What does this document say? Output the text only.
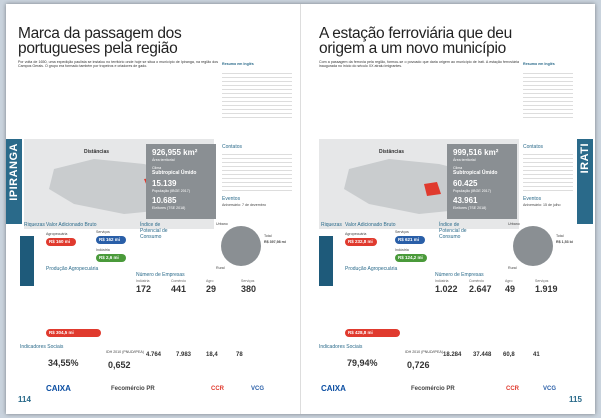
Marca da passagem dos
portugueses pela região
Por volta de 1650, uma expedição paulista se instalou no território onde hoje se situa o município de Ipiranga, na região dos Campos Gerais. O grupo era formado também por tropeiros e criadores de gado.
Resumo em Inglês
IPIRANGA	Distâncias	926,955 km²
Área territorial
Clima
Subtropical Úmido
15.139
População (IBGE 2017)
10.685
Eleitores (TSE 2018)
Contatos
Eventos
Aniversário: 7 de dezembro
Riquezas Valor Adicionado Bruto
Agropecuária
R$ 160 mi
Serviços
R$ 162 mi
Indústria
R$ 2,6 mi
Índice de Potencial de Consumo	Total
R$ 397,98 mi
Urbano
Rural
Número de Empresas
172 441 29	380
Indústria	Comércio	Agro	Serviços
Produção Agropecuária
R$ 304,5 mi
Indicadores Sociais
34,55%
IDH 2010 (PNUD/IPEA)
0,652
4.764 7.983 18,4	78
114
CAIXA	Fecomércio PR	CCR	VCG
A estação ferroviária que deu
origem a um novo município
Com a passagem da ferrovia pela região, formou-se o povoado que daria origem ao município de Irati. A estação ferroviária inaugurada no início do século XX atraiu imigrantes.
Resumo em Inglês
IRATI
Distâncias	999,516 km²
Área territorial
Clima
Subtropical Úmido
60.425
População (IBGE 2017)
43.961
Eleitores (TSE 2018)
Contatos
Eventos
Aniversário: 15 de julho
Riquezas Valor Adicionado Bruto
Agropecuária
R$ 232,8 mi
Serviços
R$ 621 mi
Indústria
R$ 124,2 mi
Índice de Potencial de Consumo	Total
R$ 1,53 bi
Urbano
Rural
Número de Empresas
1.022 2.647 49 1.919
Indústria	Comércio	Agro	Serviços
Produção Agropecuária
R$ 428,8 mi
Indicadores Sociais
79,94%
IDH 2010 (PNUD/IPEA)
0,726
18.284 37.448 60,8	41
115
CAIXA	Fecomércio PR	CCR	VCG
